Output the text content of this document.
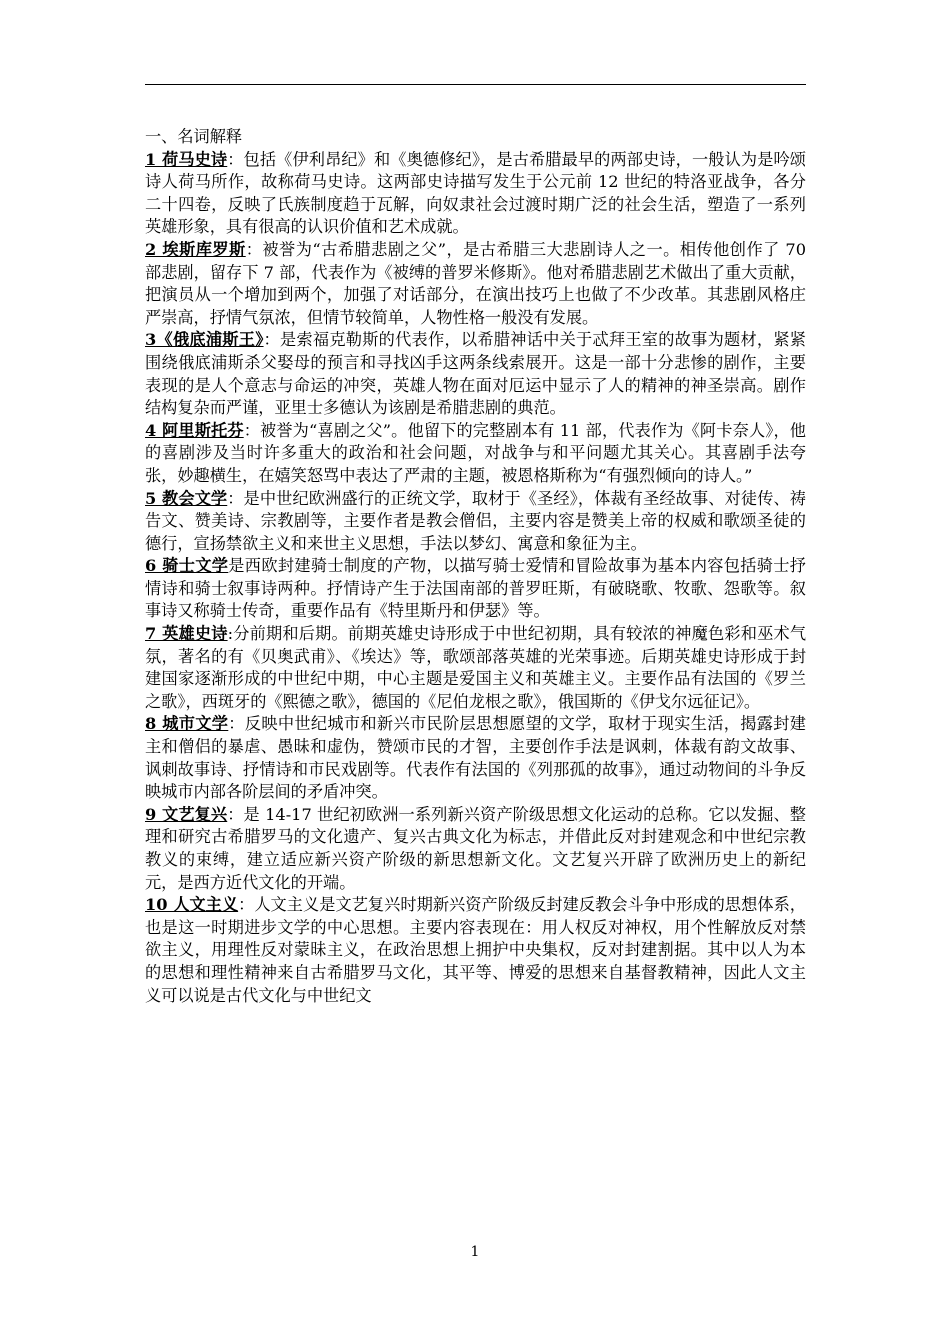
一、名词解释

1 荷马史诗：包括《伊利昂纪》和《奥德修纪》，是古希腊最早的两部史诗，一般认为是吟颂诗人荷马所作，故称荷马史诗。这两部史诗描写发生于公元前 12 世纪的特洛亚战争，各分二十四卷，反映了氏族制度趋于瓦解，向奴隶社会过渡时期广泛的社会生活，塑造了一系列英雄形象，具有很高的认识价值和艺术成就。

2 埃斯库罗斯：被誉为“古希腊悲剧之父”，是古希腊三大悲剧诗人之一。相传他创作了 70 部悲剧，留存下 7 部，代表作为《被缚的普罗米修斯》。他对希腊悲剧艺术做出了重大贡献，把演员从一个增加到两个，加强了对话部分，在演出技巧上也做了不少改革。其悲剧风格庄严崇高，抒情气氛浓，但情节较简单，人物性格一般没有发展。

3《俄底浦斯王》：是索福克勒斯的代表作，以希腊神话中关于忒拜王室的故事为题材，紧紧围绕俄底浦斯杀父娶母的预言和寻找凶手这两条线索展开。这是一部十分悲惨的剧作，主要表现的是人个意志与命运的冲突，英雄人物在面对厄运中显示了人的精神的神圣崇高。剧作结构复杂而严谨，亚里士多德认为该剧是希腊悲剧的典范。

4 阿里斯托芬：被誉为“喜剧之父”。他留下的完整剧本有 11 部，代表作为《阿卡奈人》，他的喜剧涉及当时许多重大的政治和社会问题，对战争与和平问题尤其关心。其喜剧手法夸张，妙趣横生，在嬉笑怒骂中表达了严肃的主题，被恩格斯称为“有强烈倾向的诗人。”

5 教会文学：是中世纪欧洲盛行的正统文学，取材于《圣经》，体裁有圣经故事、对徒传、祷告文、赞美诗、宗教剧等，主要作者是教会僧侣，主要内容是赞美上帝的权威和歌颂圣徒的德行，宣扬禁欲主义和来世主义思想，手法以梦幻、寓意和象征为主。

6 骑士文学是西欧封建骑士制度的产物，以描写骑士爱情和冒险故事为基本内容包括骑士抒情诗和骑士叙事诗两种。抒情诗产生于法国南部的普罗旺斯，有破晓歌、牧歌、怨歌等。叙事诗又称骑士传奇，重要作品有《特里斯丹和伊瑟》等。

7 英雄史诗:分前期和后期。前期英雄史诗形成于中世纪初期，具有较浓的神魔色彩和巫术气氛，著名的有《贝奥武甫》、《埃达》等，歌颂部落英雄的光荣事迹。后期英雄史诗形成于封建国家逐渐形成的中世纪中期，中心主题是爱国主义和英雄主义。主要作品有法国的《罗兰之歌》，西斑牙的《熙德之歌》，德国的《尼伯龙根之歌》，俄国斯的《伊戈尔远征记》。

8 城市文学：反映中世纪城市和新兴市民阶层思想愿望的文学，取材于现实生活，揭露封建主和僧侣的暴虐、愚昧和虚伪，赞颂市民的才智，主要创作手法是讽刺，体裁有韵文故事、讽刺故事诗、抒情诗和市民戏剧等。代表作有法国的《列那孤的故事》，通过动物间的斗争反映城市内部各阶层间的矛盾冲突。

9 文艺复兴：是 14-17 世纪初欧洲一系列新兴资产阶级思想文化运动的总称。它以发掘、整理和研究古希腊罗马的文化遗产、复兴古典文化为标志，并借此反对封建观念和中世纪宗教教义的束缚，建立适应新兴资产阶级的新思想新文化。文艺复兴开辟了欧洲历史上的新纪元，是西方近代文化的开端。

10 人文主义：人文主义是文艺复兴时期新兴资产阶级反封建反教会斗争中形成的思想体系，也是这一时期进步文学的中心思想。主要内容表现在：用人权反对神权，用个性解放反对禁欲主义，用理性反对蒙昧主义，在政治思想上拥护中央集权，反对封建割据。其中以人为本的思想和理性精神来自古希腊罗马文化，其平等、博爱的思想来自基督教精神，因此人文主义可以说是古代文化与中世纪文

1
